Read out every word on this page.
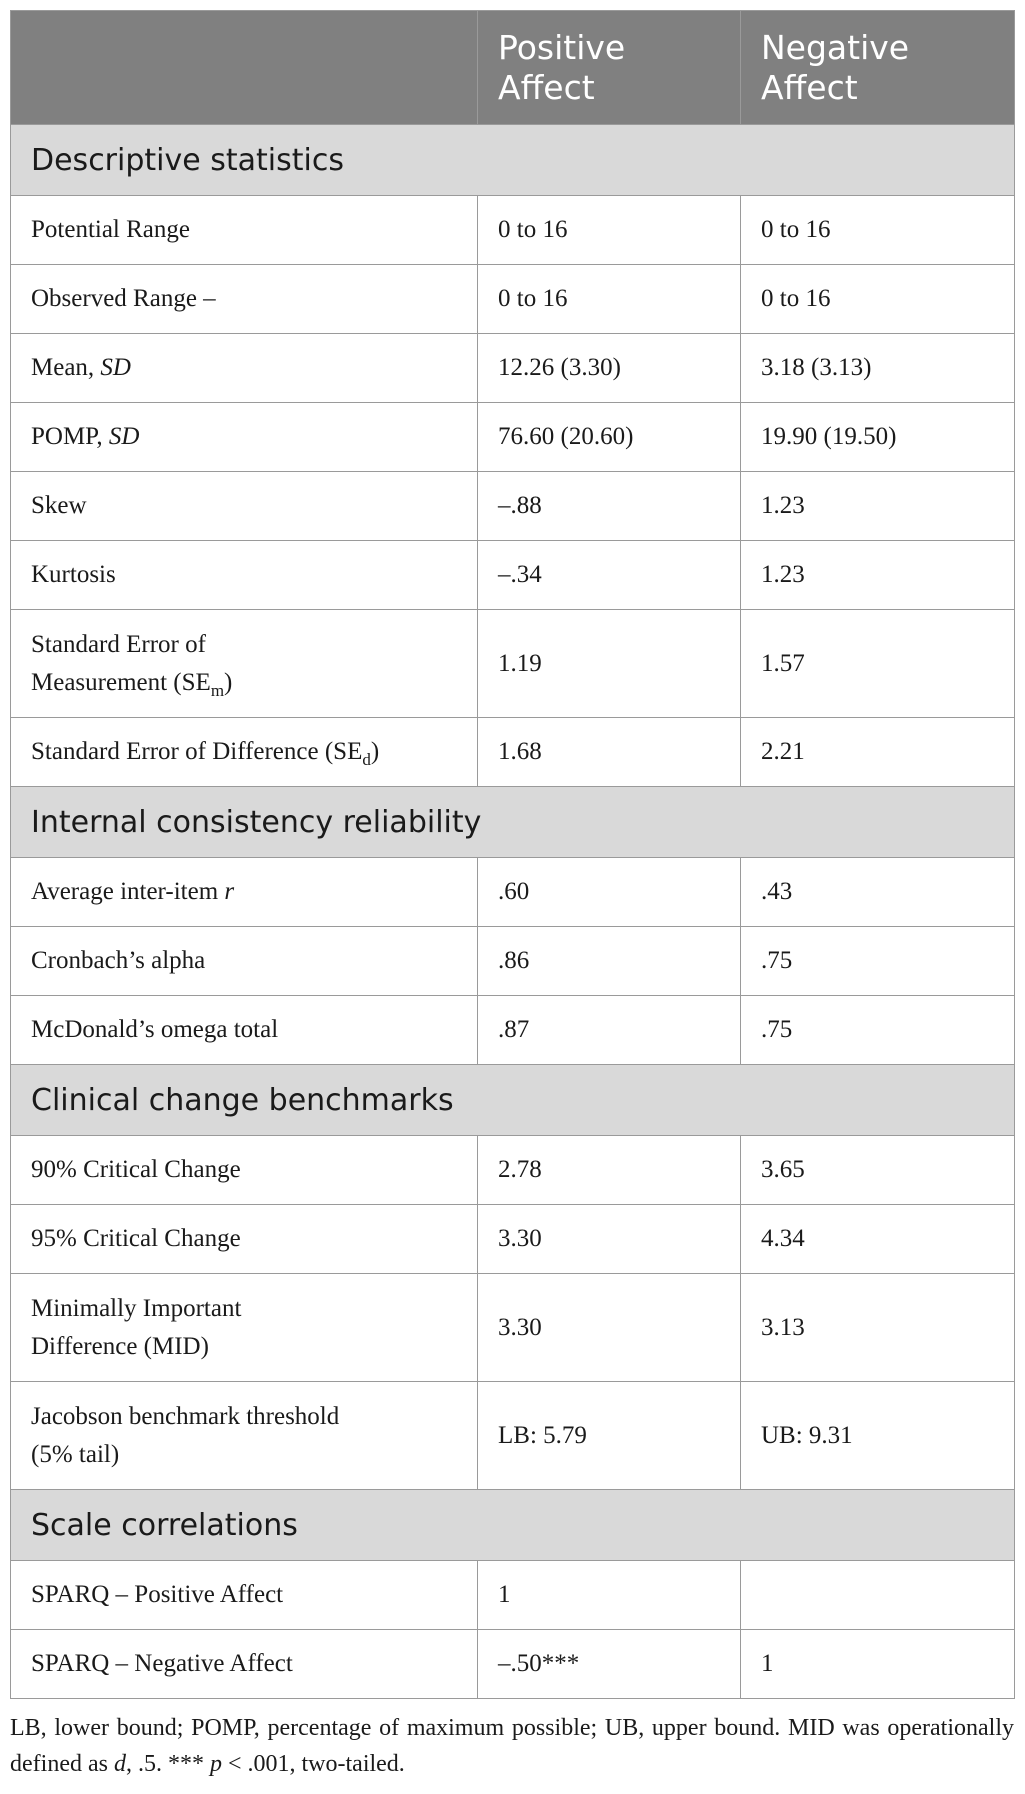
	Positive
Affect	Negative
Affect
Descriptive statistics		
Potential Range	0 to 16	0 to 16
Observed Range –	0 to 16	0 to 16
Mean, SD	12.26 (3.30)	3.18 (3.13)
POMP, SD	76.60 (20.60)	19.90 (19.50)
Skew	–.88	1.23
Kurtosis	–.34	1.23
Standard Error of
Measurement $(SE_m)$	1.19	1.57
Standard Error of Difference $(SE_d)$	1.68	2.21
Internal consistency reliability		
Average inter-item r	.60	.43
Cronbach’s alpha	.86	.75
McDonald’s omega total	.87	.75
Clinical change benchmarks		
90% Critical Change	2.78	3.65
95% Critical Change	3.30	4.34
Minimally Important
Difference (MID)	3.30	3.13
Jacobson benchmark threshold
(5% tail)	LB: 5.79	UB: 9.31
Scale correlations		
SPARQ – Positive Affect	1	
SPARQ – Negative Affect	–.50***	1
LB, lower bound; POMP, percentage of maximum possible; UB, upper bound. MID was operationally defined as d, .5. *** p < .001, two-tailed.
